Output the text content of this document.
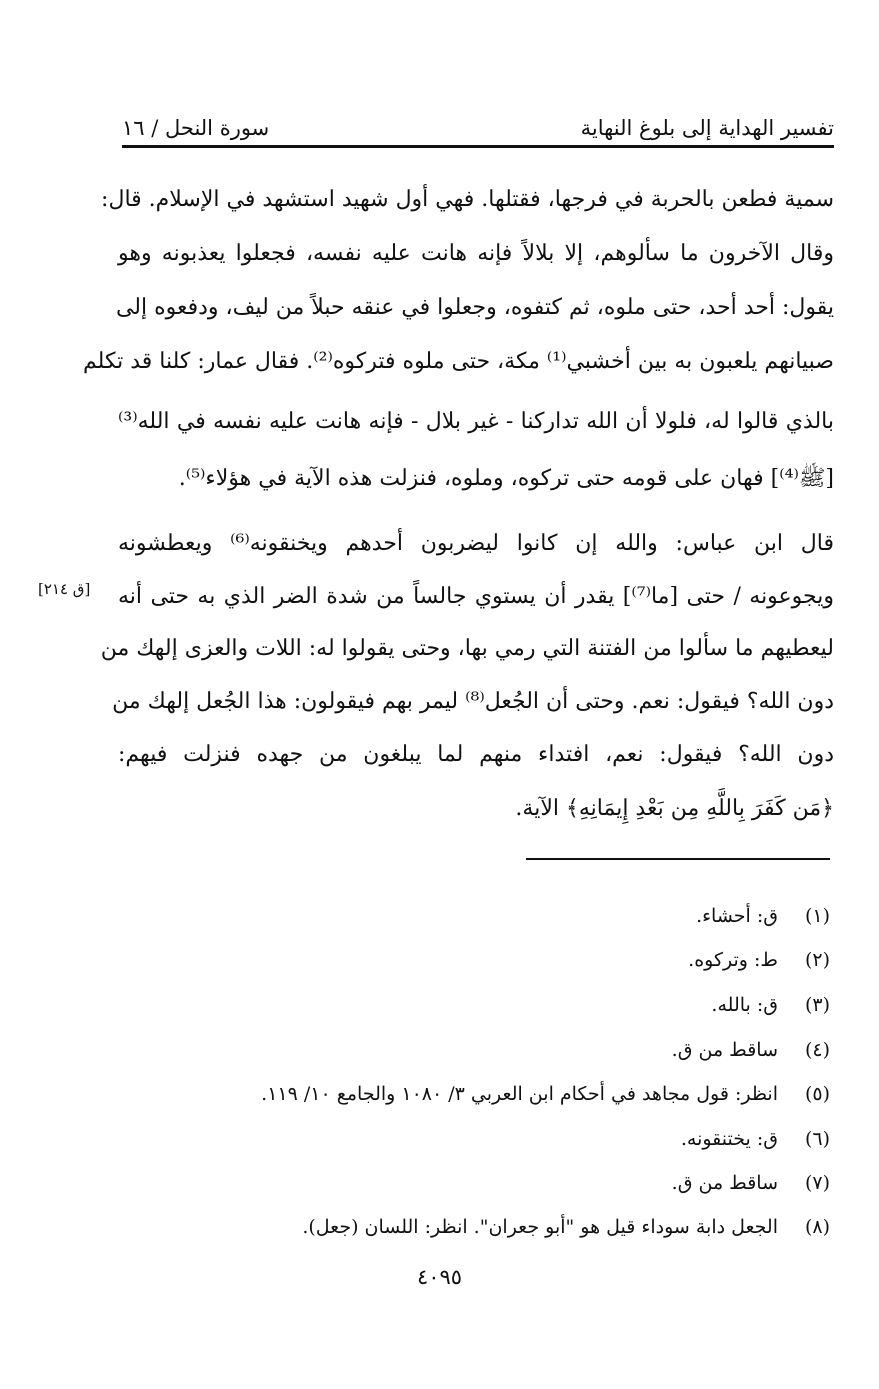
تفسير الهداية إلى بلوغ النهاية
سورة النحل / ١٦
سمية فطعن بالحربة في فرجها، فقتلها. فهي أول شهيد استشهد في الإسلام. قال:
وقال الآخرون ما سألوهم، إلا بلالاً فإنه هانت عليه نفسه، فجعلوا يعذبونه وهو
يقول: أحد أحد، حتى ملوه، ثم كتفوه، وجعلوا في عنقه حبلاً من ليف، ودفعوه إلى
صبيانهم يلعبون به بين أخشبي⁽¹⁾ مكة، حتى ملوه فتركوه⁽²⁾. فقال عمار: كلنا قد تكلم
بالذي قالوا له، فلولا أن الله تداركنا - غير بلال - فإنه هانت عليه نفسه في الله⁽³⁾
[ﷺ⁽⁴⁾] فهان على قومه حتى تركوه، وملوه، فنزلت هذه الآية في هؤلاء⁽⁵⁾.
قال ابن عباس: والله إن كانوا ليضربون أحدهم ويخنقونه⁽⁶⁾ ويعطشونه
ويجوعونه / حتى [ما⁽⁷⁾] يقدر أن يستوي جالساً من شدة الضر الذي به حتى أنه
ليعطيهم ما سألوا من الفتنة التي رمي بها، وحتى يقولوا له: اللات والعزى إلهك من
دون الله؟ فيقول: نعم. وحتى أن الجُعل⁽⁸⁾ ليمر بهم فيقولون: هذا الجُعل إلهك من
دون الله؟ فيقول: نعم، افتداء منهم لما يبلغون من جهده فنزلت فيهم:
﴿مَن كَفَرَ بِاللَّهِ مِن بَعْدِ إِيمَانِهِ﴾ الآية.
[ق ٢١٤]
(١)ق: أحشاء.
(٢)ط: وتركوه.
(٣)ق: بالله.
(٤)ساقط من ق.
(٥)انظر: قول مجاهد في أحكام ابن العربي ٣/ ١٠٨٠ والجامع ١٠/ ١١٩.
(٦)ق: يختنقونه.
(٧)ساقط من ق.
(٨)الجعل دابة سوداء قيل هو "أبو جعران". انظر: اللسان (جعل).
٤٠٩٥
